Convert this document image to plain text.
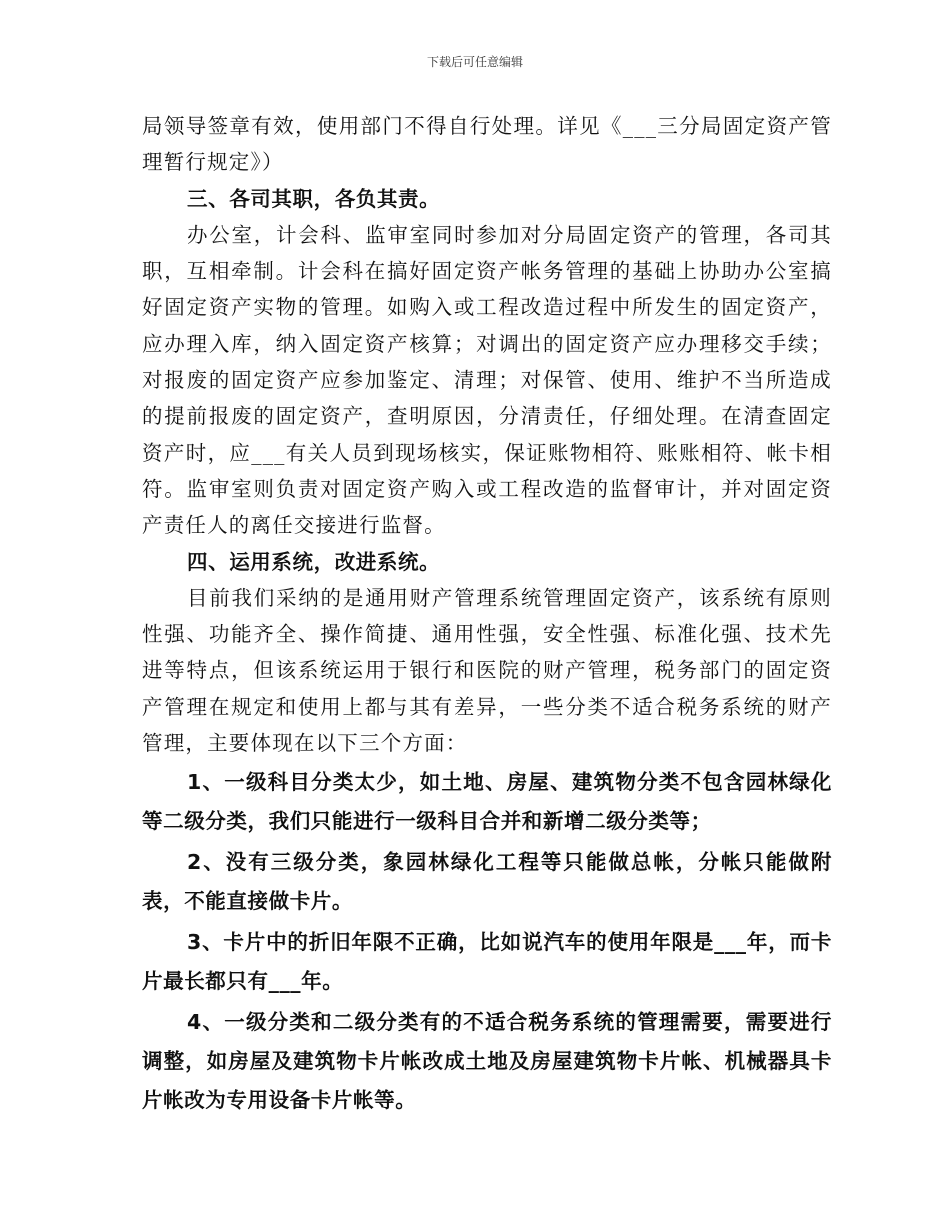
下载后可任意编辑

局领导签章有效，使用部门不得自行处理。详见《___三分局固定资产管理暂行规定》）

三、各司其职，各负其责。

办公室，计会科、监审室同时参加对分局固定资产的管理，各司其职，互相牵制。计会科在搞好固定资产帐务管理的基础上协助办公室搞好固定资产实物的管理。如购入或工程改造过程中所发生的固定资产，应办理入库，纳入固定资产核算；对调出的固定资产应办理移交手续；对报废的固定资产应参加鉴定、清理；对保管、使用、维护不当所造成的提前报废的固定资产，查明原因，分清责任，仔细处理。在清查固定资产时，应___有关人员到现场核实，保证账物相符、账账相符、帐卡相符。监审室则负责对固定资产购入或工程改造的监督审计，并对固定资产责任人的离任交接进行监督。

四、运用系统，改进系统。

目前我们采纳的是通用财产管理系统管理固定资产，该系统有原则性强、功能齐全、操作简捷、通用性强，安全性强、标准化强、技术先进等特点，但该系统运用于银行和医院的财产管理，税务部门的固定资产管理在规定和使用上都与其有差异，一些分类不适合税务系统的财产管理，主要体现在以下三个方面：

1、一级科目分类太少，如土地、房屋、建筑物分类不包含园林绿化等二级分类，我们只能进行一级科目合并和新增二级分类等；

2、没有三级分类，象园林绿化工程等只能做总帐，分帐只能做附表，不能直接做卡片。

3、卡片中的折旧年限不正确，比如说汽车的使用年限是___年，而卡片最长都只有___年。

4、一级分类和二级分类有的不适合税务系统的管理需要，需要进行调整，如房屋及建筑物卡片帐改成土地及房屋建筑物卡片帐、机械器具卡片帐改为专用设备卡片帐等。
